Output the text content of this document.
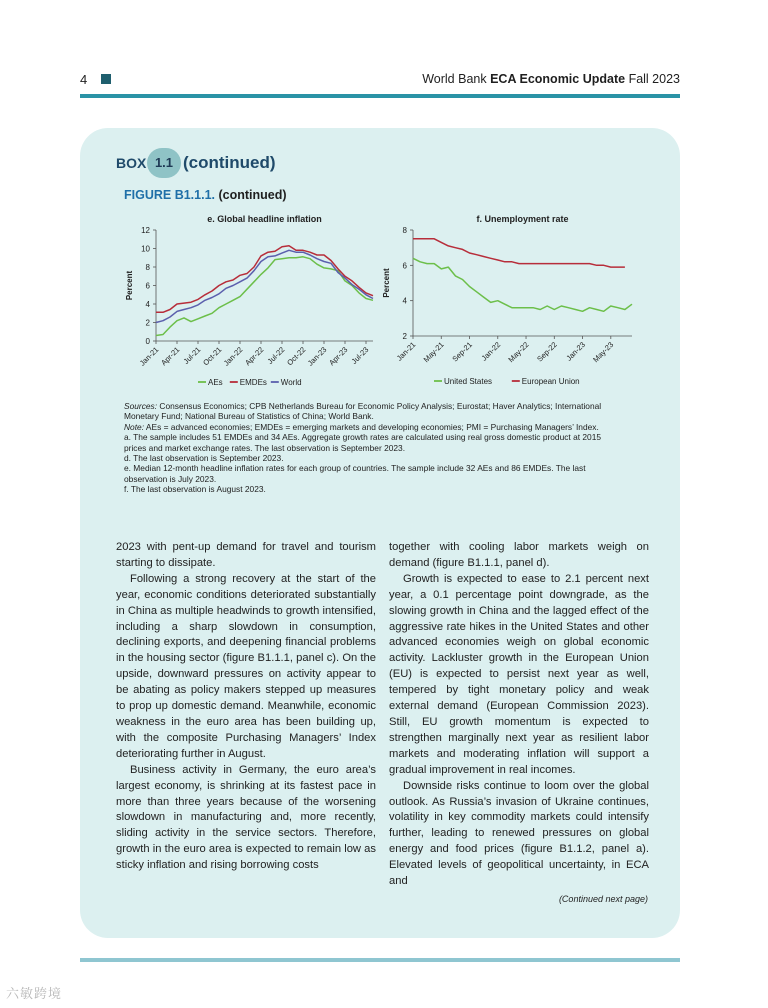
4	World Bank ECA Economic Update Fall 2023
BOX 1.1 (continued)
FIGURE B1.1.1. (continued)
e. Global headline inflation
Percent
0
2
4
6
8
10
12
Jan-21
Apr-21 Jul-21
Oct-21
Jan-22
Apr-22 Jul-22
Oct-22
Jan-23
Apr-23 Jul-23
AEs EMDEs World
f. Unemployment rate
Percent
2
4
6
8
Jan-21 May-21 Sep-21 Jan-22 May-22 Sep-22 Jan-23 May-23
United States	European Union

Sources: Consensus Economics; CPB Netherlands Bureau for Economic Policy Analysis; Eurostat; Haver Analytics; International Monetary Fund; National Bureau of Statistics of China; World Bank.

Note: AEs = advanced economies; EMDEs = emerging markets and developing economies; PMI = Purchasing Managers’ Index.

a. The sample includes 51 EMDEs and 34 AEs. Aggregate growth rates are calculated using real gross domestic product at 2015 prices and market exchange rates. The last observation is September 2023.

d. The last observation is September 2023.

e. Median 12-month headline inflation rates for each group of countries. The sample include 32 AEs and 86 EMDEs. The last observation is July 2023.

f. The last observation is August 2023.

2023 with pent-up demand for travel and tourism starting to dissipate.

Following a strong recovery at the start of the year, economic conditions deteriorated substantially in China as multiple headwinds to growth intensified, including a sharp slowdown in consumption, declining exports, and deepening financial problems in the housing sector (figure B1.1.1, panel c). On the upside, downward pressures on activity appear to be abating as policy makers stepped up measures to prop up domestic demand. Meanwhile, economic weakness in the euro area has been building up, with the composite Purchasing Managers’ Index deteriorating further in August.

Business activity in Germany, the euro area’s largest economy, is shrinking at its fastest pace in more than three years because of the worsening slowdown in manufacturing and, more recently, sliding activity in the service sectors. Therefore, growth in the euro area is expected to remain low as sticky inflation and rising borrowing costs

together with cooling labor markets weigh on demand (figure B1.1.1, panel d).

Growth is expected to ease to 2.1 percent next year, a 0.1 percentage point downgrade, as the slowing growth in China and the lagged effect of the aggressive rate hikes in the United States and other advanced economies weigh on global economic activity. Lackluster growth in the European Union (EU) is expected to persist next year as well, tempered by tight monetary policy and weak external demand (European Commission 2023). Still, EU growth momentum is expected to strengthen marginally next year as resilient labor markets and moderating inflation will support a gradual improvement in real incomes.

Downside risks continue to loom over the global outlook. As Russia’s invasion of Ukraine continues, volatility in key commodity markets could intensify further, leading to renewed pressures on global energy and food prices (figure B1.1.2, panel a). Elevated levels of geopolitical uncertainty, in ECA and

(Continued next page)
六敏跨境
